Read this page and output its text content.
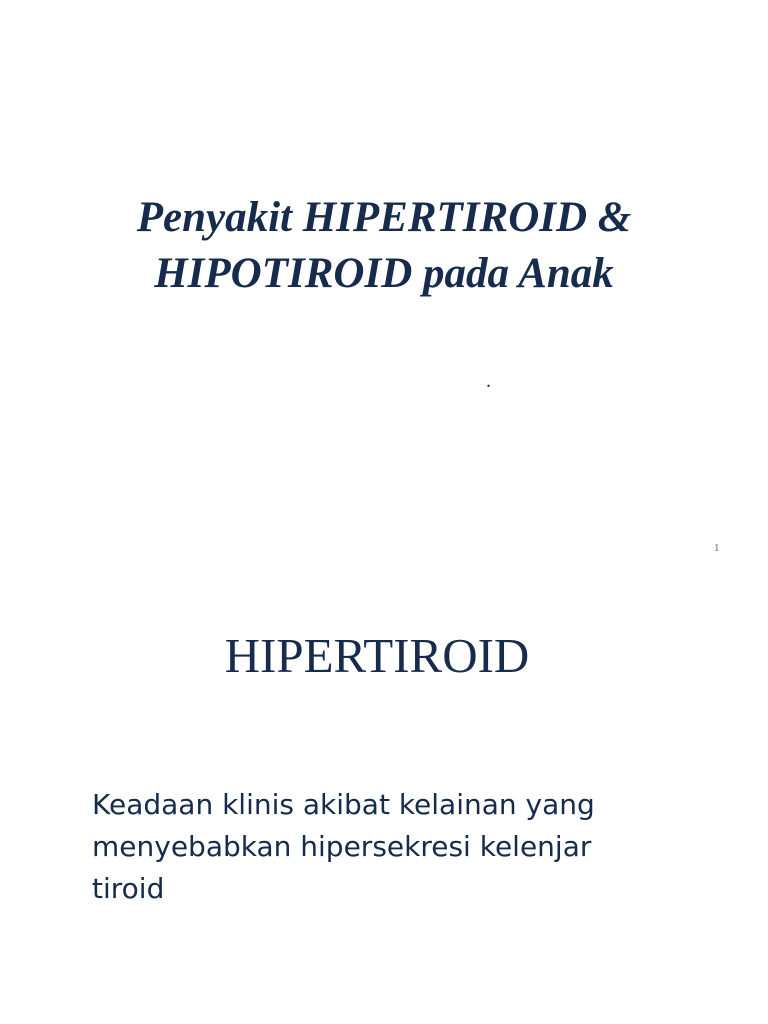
Penyakit HIPERTIROID &
HIPOTIROID pada Anak
.
1
HIPERTIROID

Keadaan klinis akibat kelainan yang
menyebabkan hipersekresi kelenjar
tiroid
